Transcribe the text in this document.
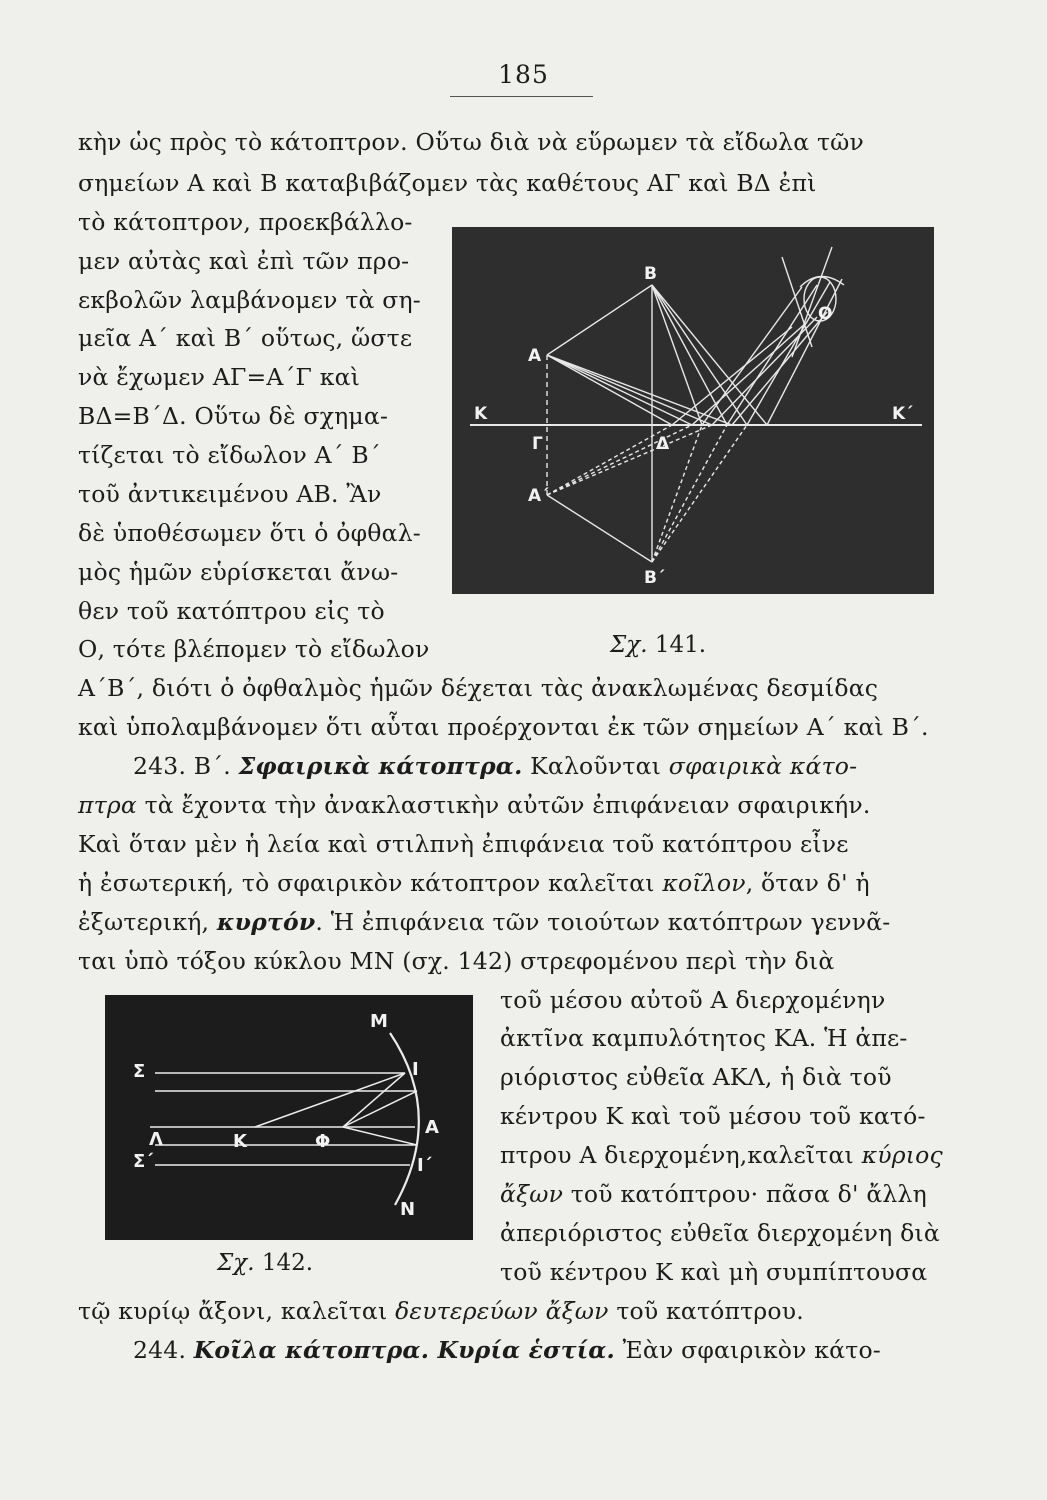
185
κὴν ὡς πρὸς τὸ κάτοπτρον. Οὕτω διὰ νὰ εὕρωμεν τὰ εἴδωλα τῶν
σημείων Α καὶ Β καταβιβάζομεν τὰς καθέτους ΑΓ καὶ ΒΔ ἐπὶ
τὸ κάτοπτρον, προεκβάλλο-
μεν αὐτὰς καὶ ἐπὶ τῶν προ-
εκβολῶν λαμβάνομεν τὰ ση-
μεῖα Α΄ καὶ Β΄ οὕτως, ὥστε
νὰ ἔχωμεν ΑΓ=Α΄Γ καὶ
ΒΔ=Β΄Δ. Οὕτω δὲ σχημα-
τίζεται τὸ εἴδωλον Α΄ Β΄
τοῦ ἀντικειμένου ΑΒ. Ἂν
δὲ ὑποθέσωμεν ὅτι ὁ ὀφθαλ-
μὸς ἡμῶν εὑρίσκεται ἄνω-
θεν τοῦ κατόπτρου εἰς τὸ
Ο, τότε βλέπομεν τὸ εἴδωλον
Α΄Β΄, διότι ὁ ὀφθαλμὸς ἡμῶν δέχεται τὰς ἀνακλωμένας δεσμίδας
καὶ ὑπολαμβάνομεν ὅτι αὗται προέρχονται ἐκ τῶν σημείων Α΄ καὶ Β΄.
B
O
A
K	K΄
Γ	Δ
A΄
B΄
Σχ. 141.
243. Β΄. Σφαιρικὰ κάτοπτρα. Καλοῦνται σφαιρικὰ κάτο-
πτρα τὰ ἔχοντα τὴν ἀνακλαστικὴν αὐτῶν ἐπιφάνειαν σφαιρικήν.
Καὶ ὅταν μὲν ἡ λεία καὶ στιλπνὴ ἐπιφάνεια τοῦ κατόπτρου εἶνε
ἡ ἐσωτερική, τὸ σφαιρικὸν κάτοπτρον καλεῖται κοῖλον, ὅταν δ' ἡ
ἐξωτερική, κυρτόν. Ἡ ἐπιφάνεια τῶν τοιούτων κατόπτρων γεννᾶ-
ται ὑπὸ τόξου κύκλου ΜΝ (σχ. 142) στρεφομένου περὶ τὴν διὰ
M
Σ	I
Λ	K	Φ
A
Σ΄	I΄
N
Σχ. 142.
τοῦ μέσου αὐτοῦ Α διερχομένην
ἀκτῖνα καμπυλότητος ΚΑ. Ἡ ἀπε-
ριόριστος εὐθεῖα ΑΚΛ, ἡ διὰ τοῦ
κέντρου Κ καὶ τοῦ μέσου τοῦ κατό-
πτρου Α διερχομένη,καλεῖται κύριος
ἄξων τοῦ κατόπτρου· πᾶσα δ' ἄλλη
ἀπεριόριστος εὐθεῖα διερχομένη διὰ
τοῦ κέντρου Κ καὶ μὴ συμπίπτουσα
τῷ κυρίῳ ἄξονι, καλεῖται δευτερεύων ἄξων τοῦ κατόπτρου.
244. Κοῖλα κάτοπτρα. Κυρία ἑστία. Ἐὰν σφαιρικὸν κάτο-
